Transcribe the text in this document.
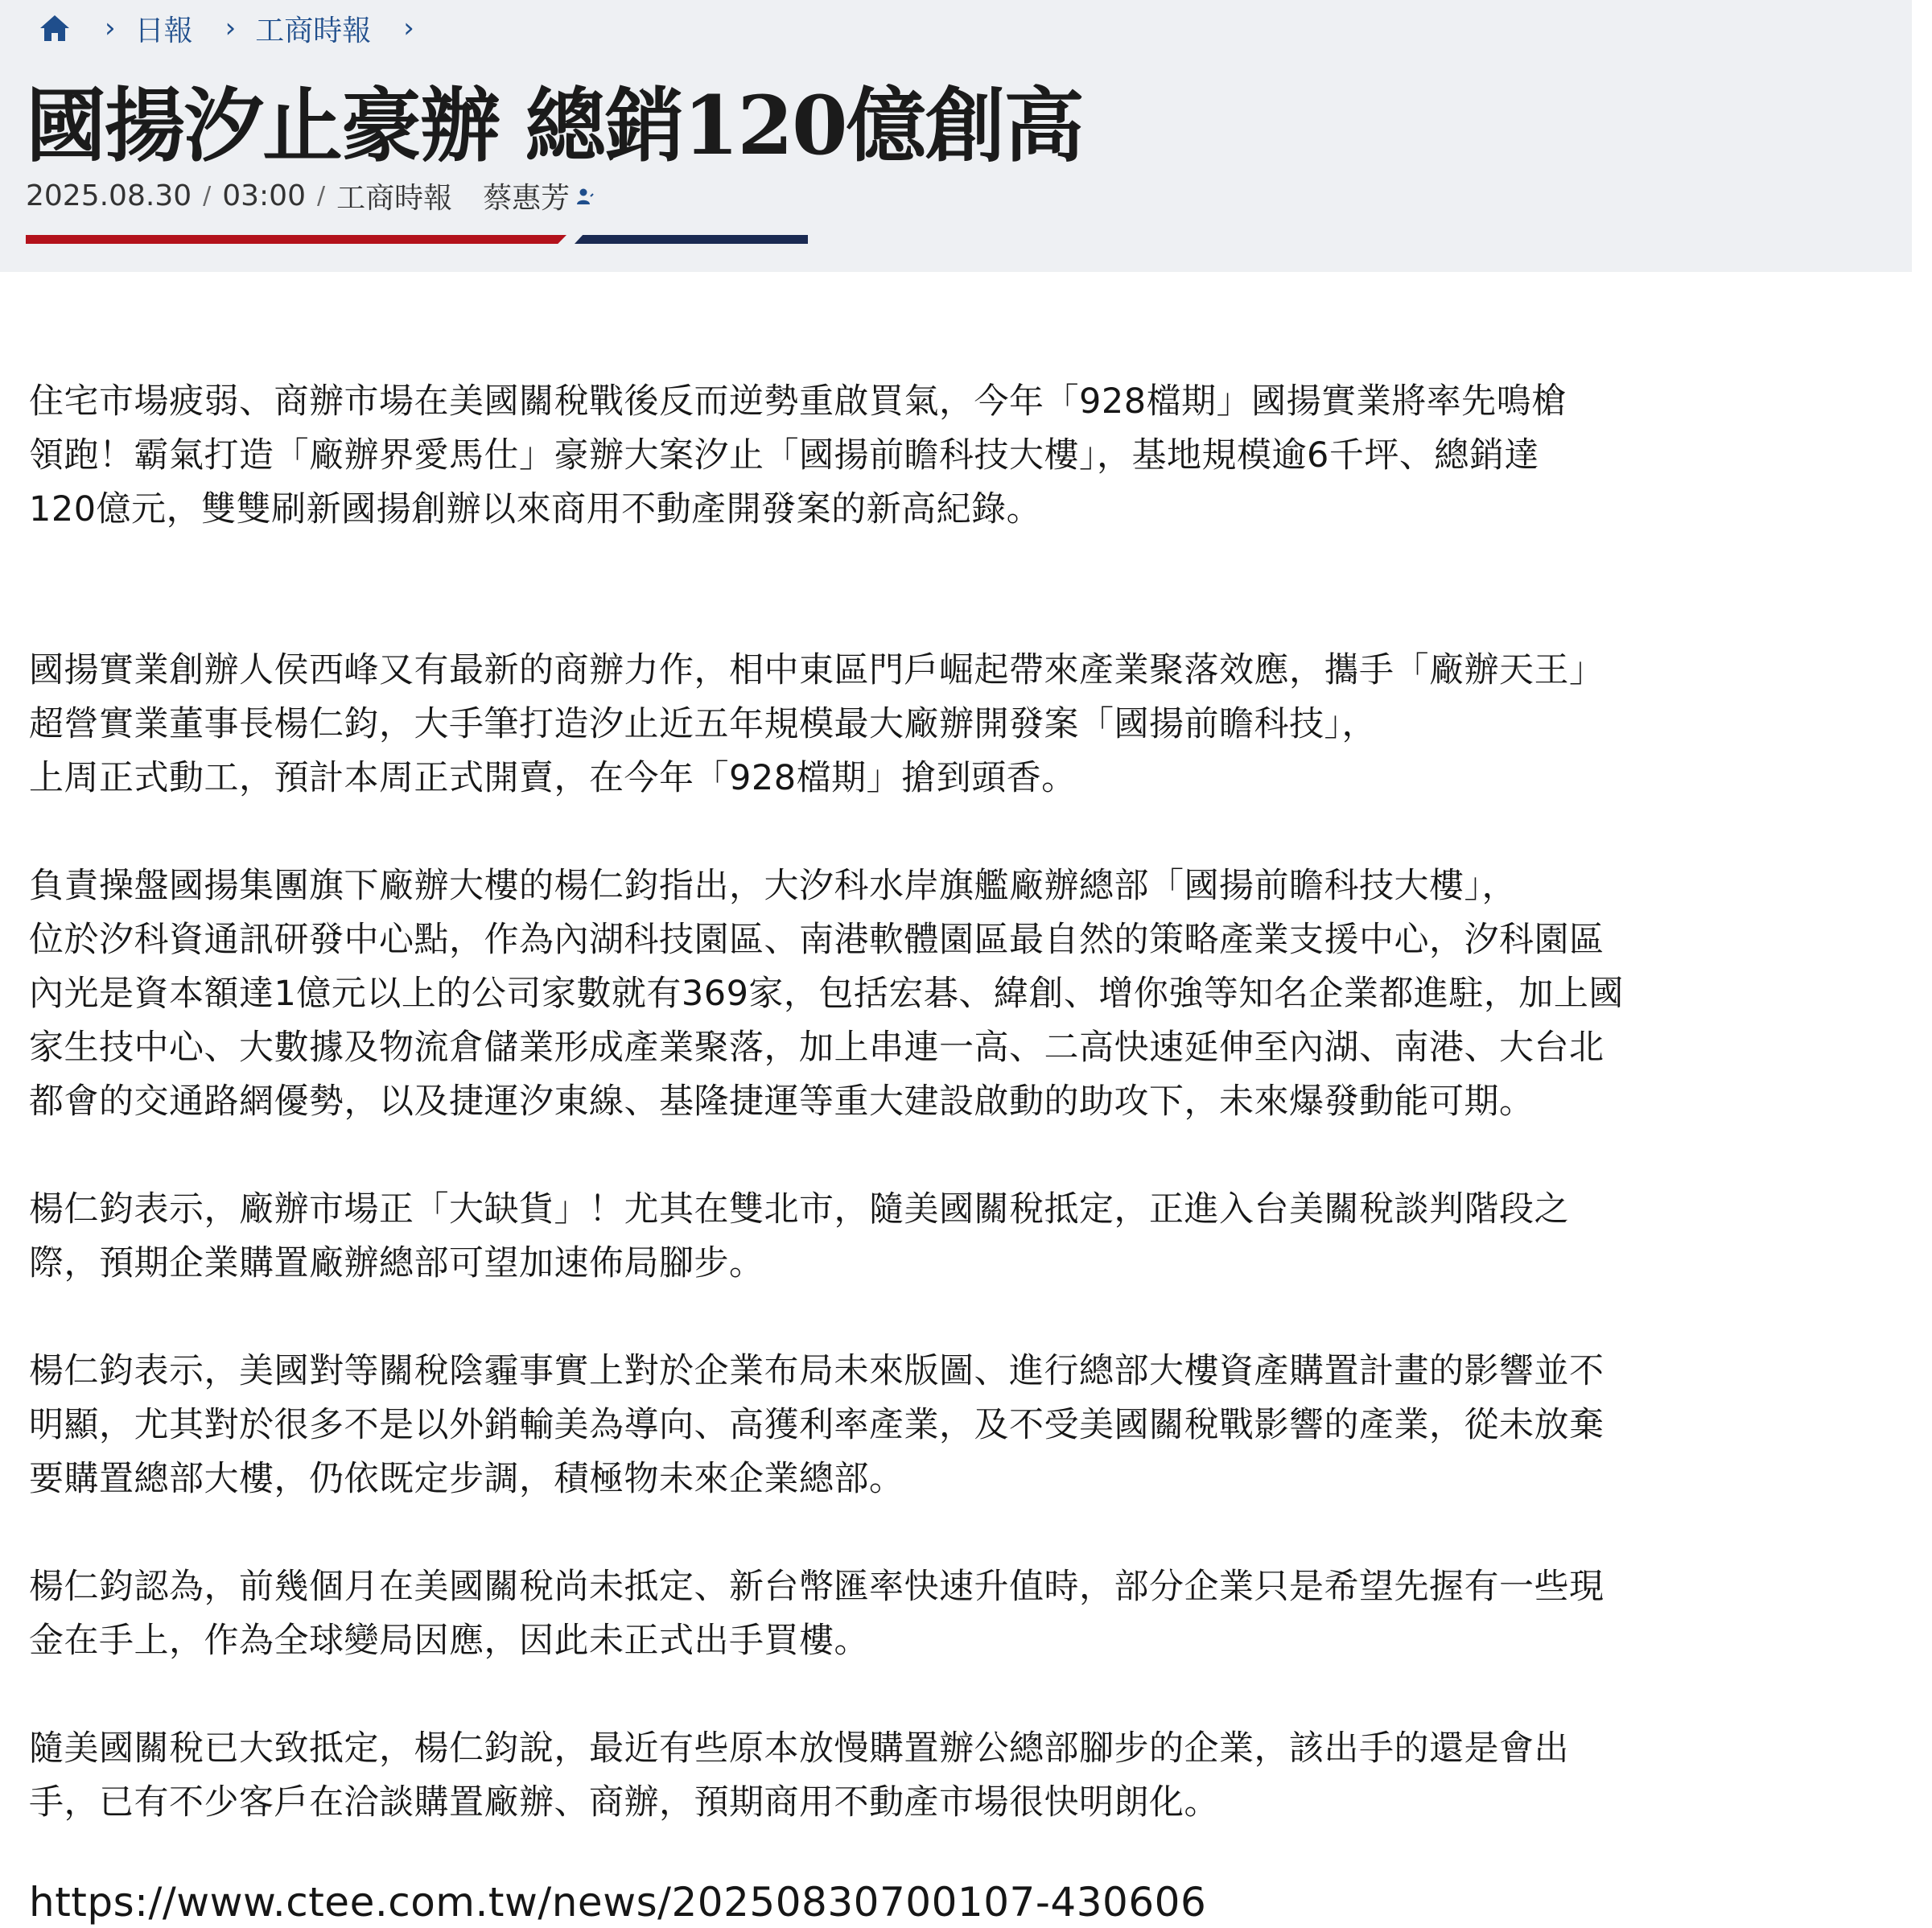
› 日報 › 工商時報 ›
國揚汐止豪辦 總銷120億創高
2025.08.30 / 03:00 / 工商時報 蔡惠芳

住宅市場疲弱、商辦市場在美國關稅戰後反而逆勢重啟買氣，今年「928檔期」國揚實業將率先鳴槍
領跑！霸氣打造「廠辦界愛馬仕」豪辦大案汐止「國揚前瞻科技大樓」，基地規模逾6千坪、總銷達
120億元，雙雙刷新國揚創辦以來商用不動產開發案的新高紀錄。

國揚實業創辦人侯西峰又有最新的商辦力作，相中東區門戶崛起帶來產業聚落效應，攜手「廠辦天王」
超營實業董事長楊仁鈞，大手筆打造汐止近五年規模最大廠辦開發案「國揚前瞻科技」，
上周正式動工，預計本周正式開賣，在今年「928檔期」搶到頭香。

負責操盤國揚集團旗下廠辦大樓的楊仁鈞指出，大汐科水岸旗艦廠辦總部「國揚前瞻科技大樓」，
位於汐科資通訊研發中心點，作為內湖科技園區、南港軟體園區最自然的策略產業支援中心，汐科園區
內光是資本額達1億元以上的公司家數就有369家，包括宏碁、緯創、增你強等知名企業都進駐，加上國
家生技中心、大數據及物流倉儲業形成產業聚落，加上串連一高、二高快速延伸至內湖、南港、大台北
都會的交通路網優勢，以及捷運汐東線、基隆捷運等重大建設啟動的助攻下，未來爆發動能可期。

楊仁鈞表示，廠辦市場正「大缺貨」！尤其在雙北市，隨美國關稅抵定，正進入台美關稅談判階段之
際，預期企業購置廠辦總部可望加速佈局腳步。

楊仁鈞表示，美國對等關稅陰霾事實上對於企業布局未來版圖、進行總部大樓資產購置計畫的影響並不
明顯，尤其對於很多不是以外銷輸美為導向、高獲利率產業，及不受美國關稅戰影響的產業，從未放棄
要購置總部大樓，仍依既定步調，積極物未來企業總部。

楊仁鈞認為，前幾個月在美國關稅尚未抵定、新台幣匯率快速升值時，部分企業只是希望先握有一些現
金在手上，作為全球變局因應，因此未正式出手買樓。

隨美國關稅已大致抵定，楊仁鈞說，最近有些原本放慢購置辦公總部腳步的企業，該出手的還是會出
手，已有不少客戶在洽談購置廠辦、商辦，預期商用不動產市場很快明朗化。

https://www.ctee.com.tw/news/20250830700107-430606
